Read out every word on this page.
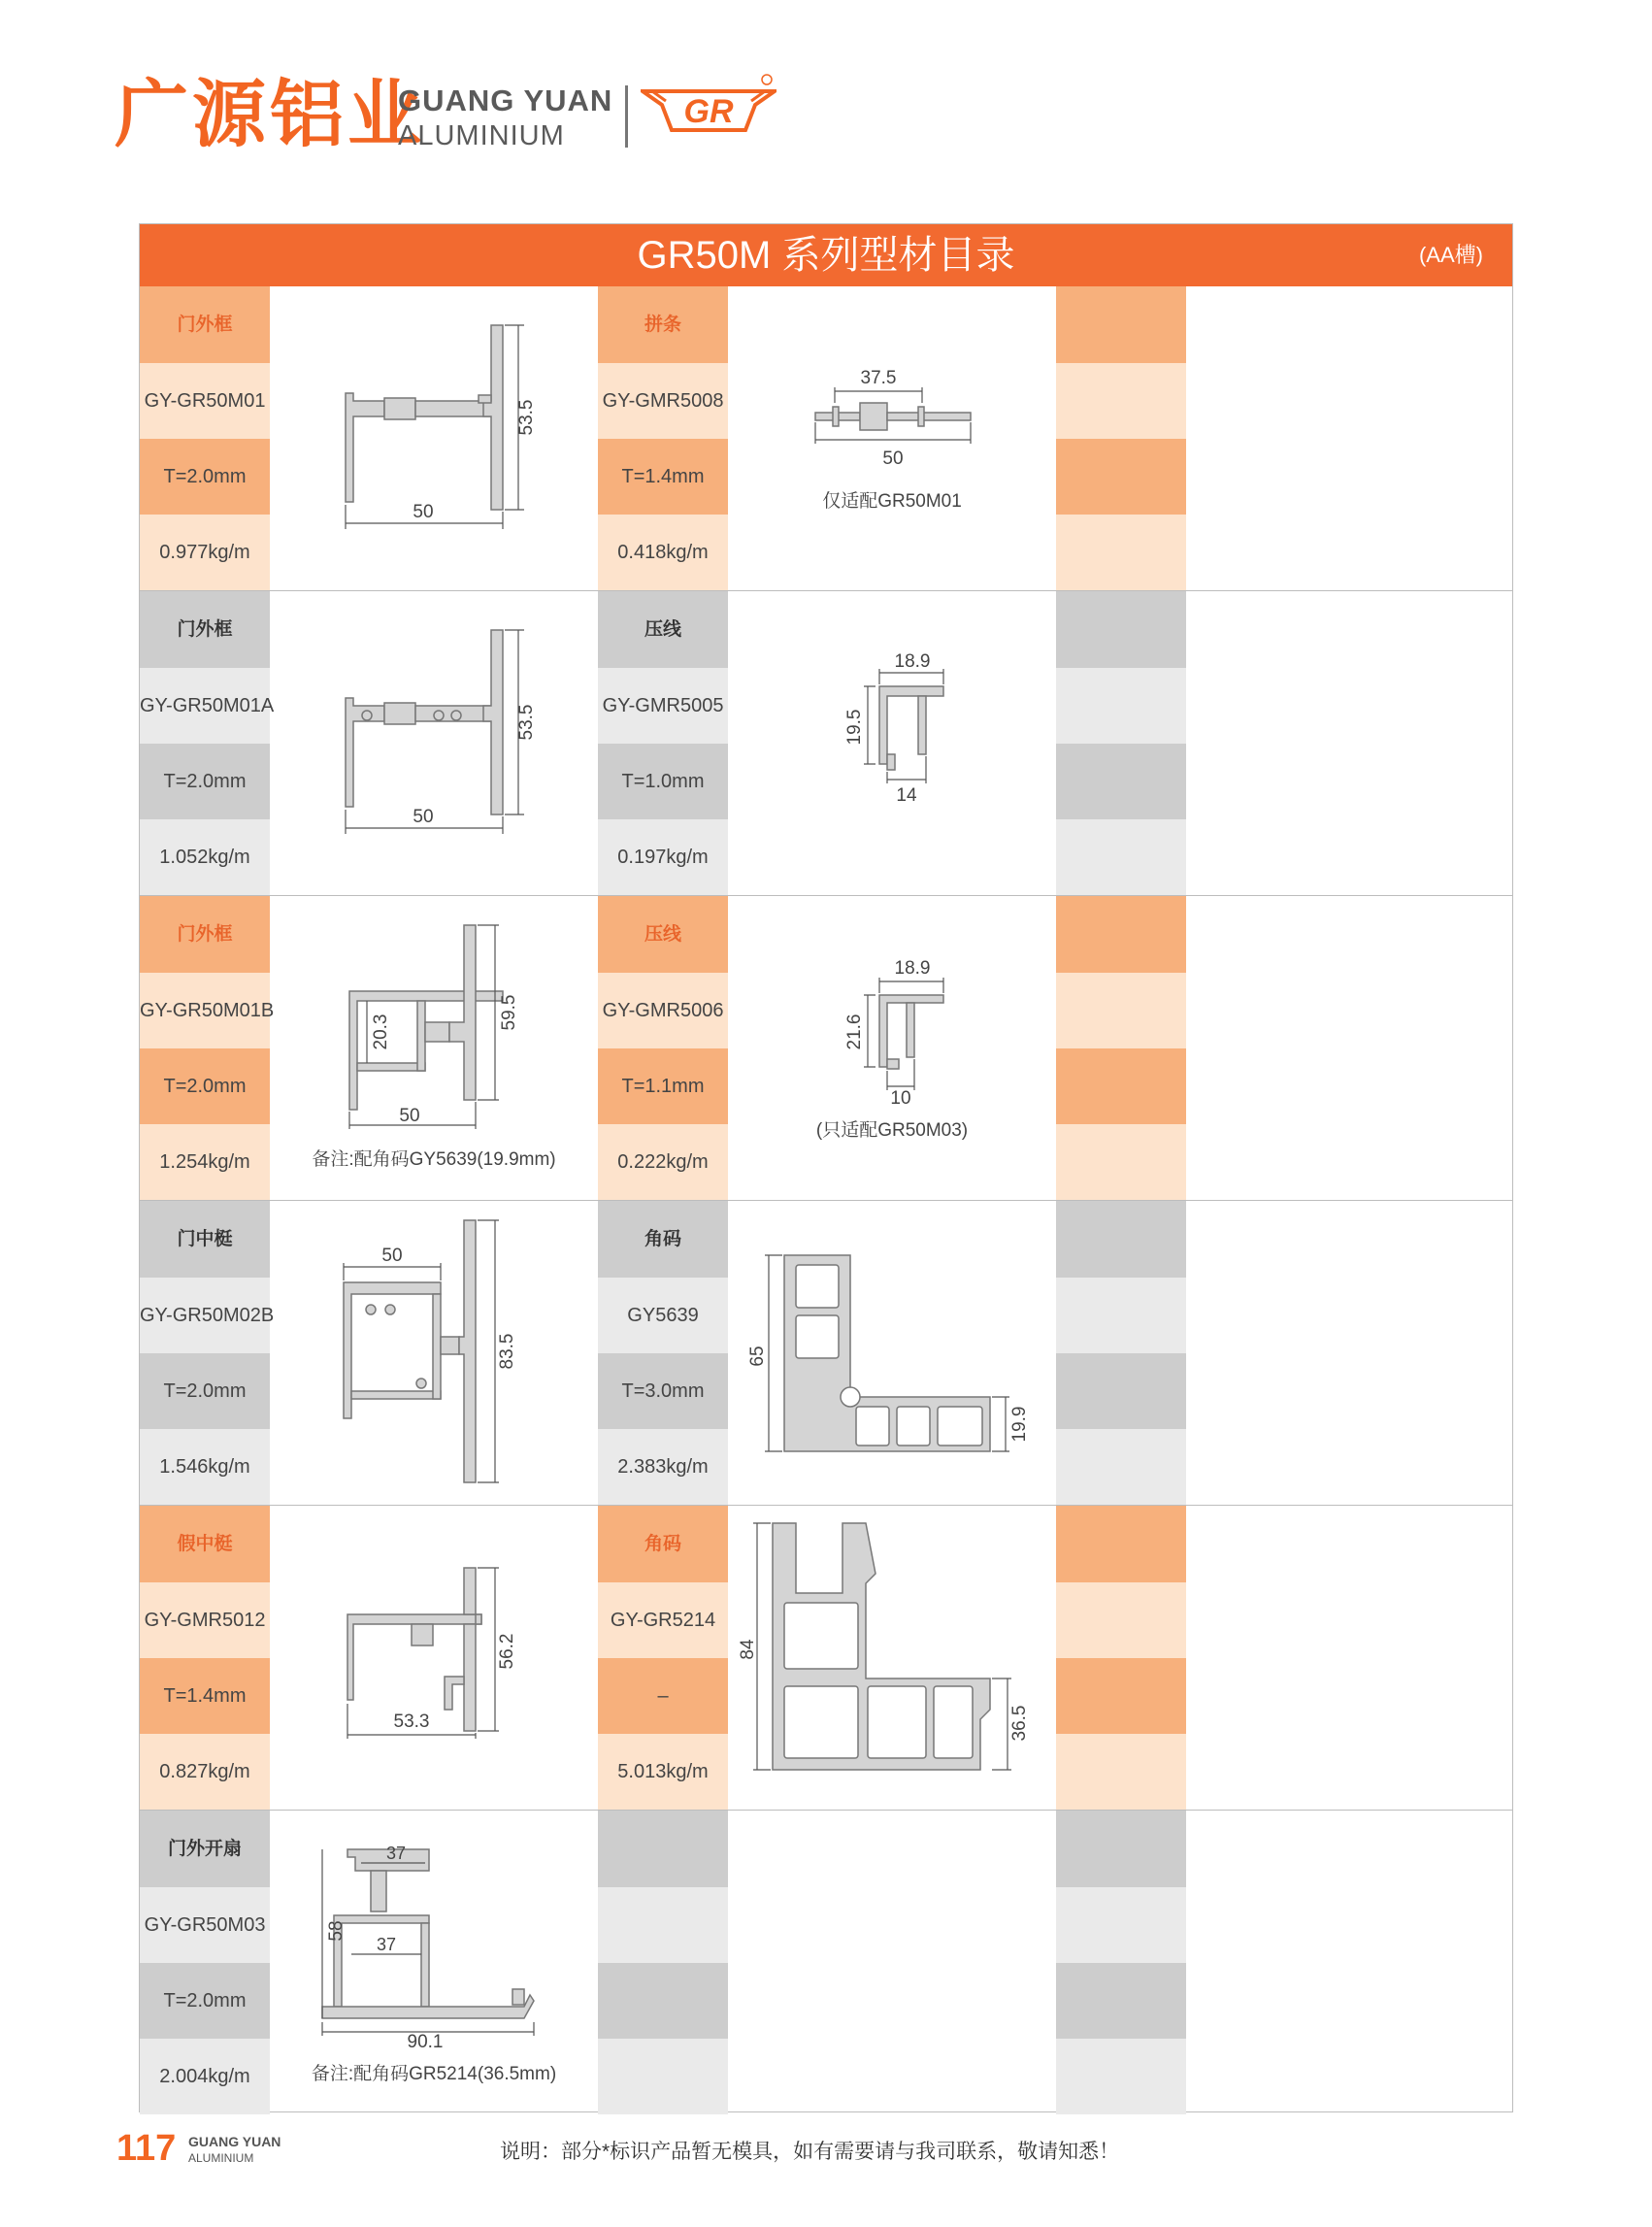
广源铝业
GUANG YUAN
ALUMINIUM
GR
GR50M 系列型材目录	(AA槽)
门外框
GY-GR50M01
T=2.0mm
0.977kg/m
50
53.5
拼条
GY-GMR5008
T=1.4mm
0.418kg/m
37.5
50
仅适配GR50M01
门外框
GY-GR50M01A
T=2.0mm
1.052kg/m
50
53.5
压线
GY-GMR5005
T=1.0mm
0.197kg/m
18.9
19.5
14
门外框
GY-GR50M01B
T=2.0mm
1.254kg/m
50
59.5
20.3
备注:配角码GY5639(19.9mm)
压线
GY-GMR5006
T=1.1mm
0.222kg/m
18.9
21.6
10
(只适配GR50M03)
门中梃
GY-GR50M02B
T=2.0mm
1.546kg/m
50
83.5
角码
GY5639
T=3.0mm
2.383kg/m
65
19.9
假中梃
GY-GMR5012
T=1.4mm
0.827kg/m
53.3
56.2
角码
GY-GR5214
–
5.013kg/m
84
36.5
门外开扇
GY-GR50M03
T=2.0mm
2.004kg/m
37
58
37
90.1
备注:配角码GR5214(36.5mm)
117 GUANG YUAN
ALUMINIUM	说明：部分*标识产品暂无模具，如有需要请与我司联系，敬请知悉！
